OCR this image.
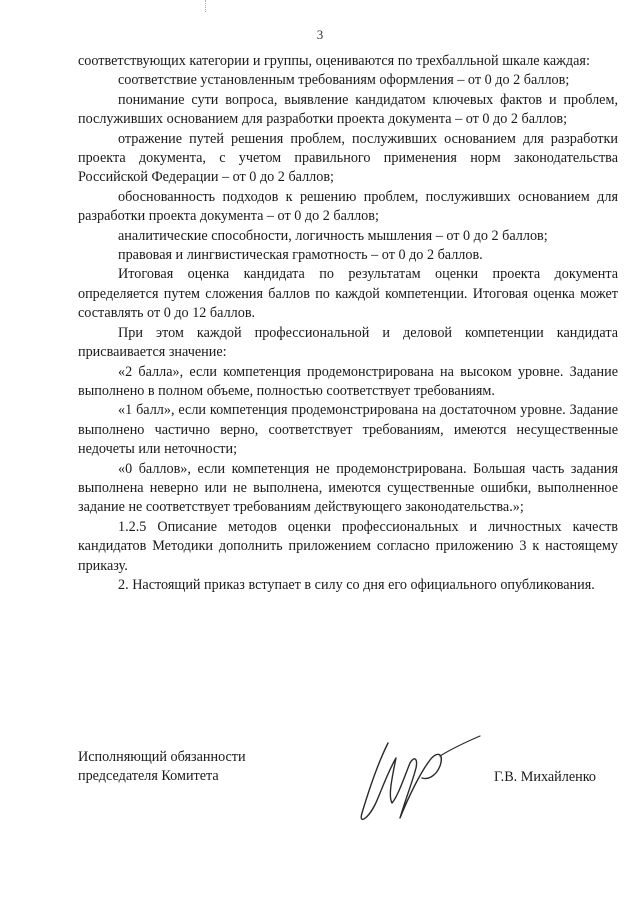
3

соответствующих категории и группы, оцениваются по трехбалльной шкале каждая:

соответствие установленным требованиям оформления – от 0 до 2 баллов;

понимание сути вопроса, выявление кандидатом ключевых фактов и проблем, послуживших основанием для разработки проекта документа – от 0 до 2 баллов;

отражение путей решения проблем, послуживших основанием для разработки проекта документа, с учетом правильного применения норм законодательства Российской Федерации – от 0 до 2 баллов;

обоснованность подходов к решению проблем, послуживших основанием для разработки проекта документа – от 0 до 2 баллов;

аналитические способности, логичность мышления – от 0 до 2 баллов;

правовая и лингвистическая грамотность – от 0 до 2 баллов.

Итоговая оценка кандидата по результатам оценки проекта документа определяется путем сложения баллов по каждой компетенции. Итоговая оценка может составлять от 0 до 12 баллов.

При этом каждой профессиональной и деловой компетенции кандидата присваивается значение:

«2 балла», если компетенция продемонстрирована на высоком уровне. Задание выполнено в полном объеме, полностью соответствует требованиям.

«1 балл», если компетенция продемонстрирована на достаточном уровне. Задание выполнено частично верно, соответствует требованиям, имеются несущественные недочеты или неточности;

«0 баллов», если компетенция не продемонстрирована. Большая часть задания выполнена неверно или не выполнена, имеются существенные ошибки, выполненное задание не соответствует требованиям действующего законодательства.»;

1.2.5 Описание методов оценки профессиональных и личностных качеств кандидатов Методики дополнить приложением согласно приложению 3 к настоящему приказу.

2. Настоящий приказ вступает в силу со дня его официального опубликования.

Исполняющий обязанности
председателя Комитета	Г.В. Михайленко
